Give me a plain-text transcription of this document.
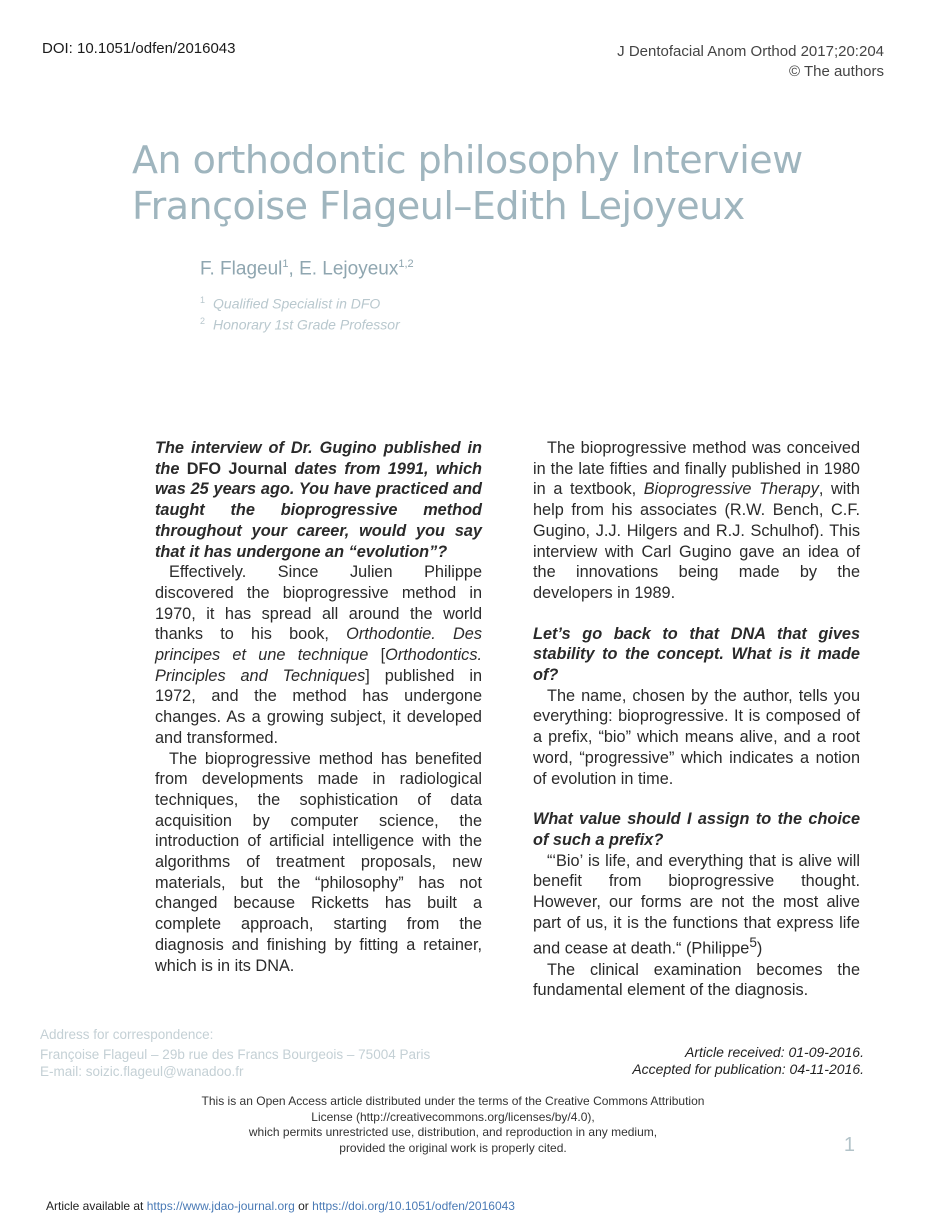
DOI: 10.1051/odfen/2016043	J Dentofacial Anom Orthod 2017;20:204
© The authors
An orthodontic philosophy Interview
Françoise Flageul–Edith Lejoyeux
F. Flageul$^1$, E. Lejoyeux$^{1,2}$
$^1$ Qualified Specialist in DFO
$^2$ Honorary 1st Grade Professor

The interview of Dr. Gugino published in the DFO Journal dates from 1991, which was 25 years ago. You have practiced and taught the bioprogressive method throughout your career, would you say that it has undergone an “evolution”?

Effectively. Since Julien Philippe discovered the bioprogressive method in 1970, it has spread all around the world thanks to his book, Orthodontie. Des principes et une technique [Orthodontics. Principles and Techniques] published in 1972, and the method has undergone changes. As a growing subject, it developed and transformed.

The bioprogressive method has benefited from developments made in radiological techniques, the sophistication of data acquisition by computer science, the introduction of artificial intelligence with the algorithms of treatment proposals, new materials, but the “philosophy” has not changed because Ricketts has built a complete approach, starting from the diagnosis and finishing by fitting a retainer, which is in its DNA.

The bioprogressive method was conceived in the late fifties and finally published in 1980 in a textbook, Bioprogressive Therapy, with help from his associates (R.W. Bench, C.F. Gugino, J.J. Hilgers and R.J. Schulhof). This interview with Carl Gugino gave an idea of the innovations being made by the developers in 1989.

Let’s go back to that DNA that gives stability to the concept. What is it made of?

The name, chosen by the author, tells you everything: bioprogressive. It is composed of a prefix, “bio” which means alive, and a root word, “progressive” which indicates a notion of evolution in time.

What value should I assign to the choice of such a prefix?

“‘Bio’ is life, and everything that is alive will benefit from bioprogressive thought. However, our forms are not the most alive part of us, it is the functions that express life and cease at death.“ (Philippe$^5$)

The clinical examination becomes the fundamental element of the diagnosis.

Address for correspondence:
Françoise Flageul – 29b rue des Francs Bourgeois – 75004 Paris
E-mail: soizic.flageul@wanadoo.fr
Article received: 01-09-2016.
Accepted for publication: 04-11-2016.
This is an Open Access article distributed under the terms of the Creative Commons Attribution
License (http://creativecommons.org/licenses/by/4.0),
which permits unrestricted use, distribution, and reproduction in any medium,
provided the original work is properly cited.	1
Article available at https://www.jdao-journal.org or https://doi.org/10.1051/odfen/2016043
